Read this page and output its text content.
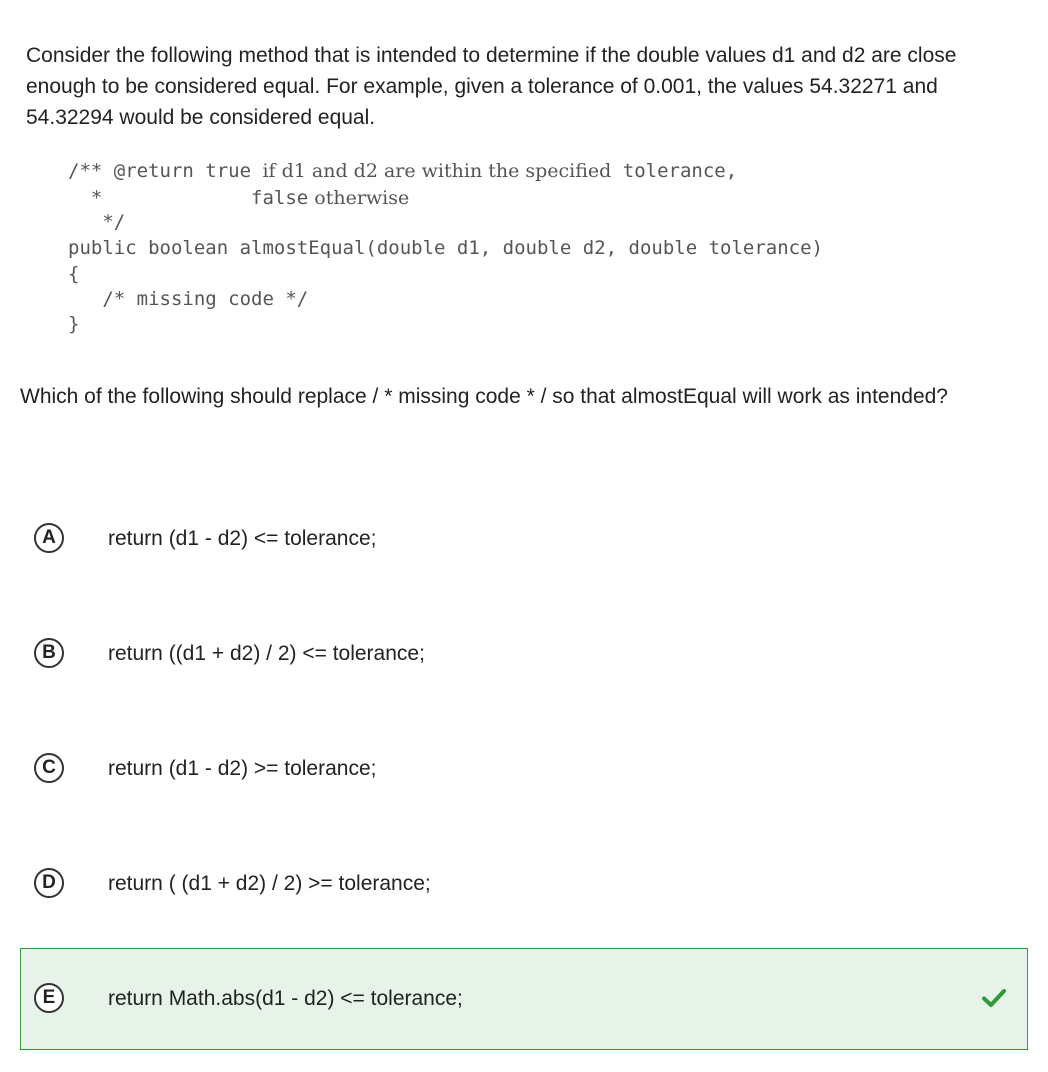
Consider the following method that is intended to determine if the double values d1 and d2 are close enough to be considered equal. For example, given a tolerance of 0.001, the values 54.32271 and 54.32294 would be considered equal.

/** @return true if d1 and d2 are within the specified tolerance,
*             false otherwise
*/
public boolean almostEqual(double d1, double d2, double tolerance)
{
/* missing code */
}

Which of the following should replace / * missing code * / so that almostEqual will work as intended?

A	return (d1 - d2) <= tolerance;
B	return ((d1 + d2) / 2) <= tolerance;
C	return (d1 - d2) >= tolerance;
D	return ( (d1 + d2) / 2) >= tolerance;
E	return Math.abs(d1 - d2) <= tolerance;
